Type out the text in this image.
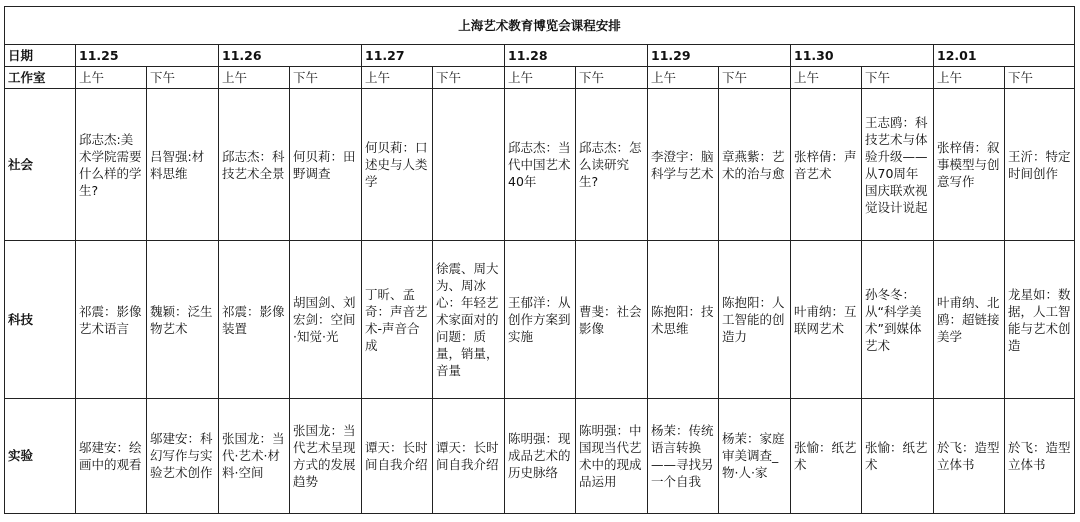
上海艺术教育博览会课程安排														
日期	11.25		11.26		11.27		11.28		11.29		11.30		12.01	
工作室	上午	下午	上午	下午	上午	下午	上午	下午	上午	下午	上午	下午	上午	下午
社会	邱志杰:美术学院需要什么样的学生?	吕智强:材料思维	邱志杰：科技艺术全景	何贝莉：田野调查	何贝莉：口述史与人类学		邱志杰：当代中国艺术40年	邱志杰：怎么读研究生?	李澄宇：脑科学与艺术	章燕紫：艺术的治与愈	张梓倩：声音艺术	王志鸥：科技艺术与体验升级——从70周年国庆联欢视觉设计说起	张梓倩：叙事模型与创意写作	王沂：特定时间创作
科技	祁震：影像艺术语言	魏颖：泛生物艺术	祁震：影像装置	胡国剑、刘宏剑：空间·知觉·光	丁昕、孟奇：声音艺术-声音合成	徐震、周大为、周冰心：年轻艺术家面对的问题：质量，销量，音量	王郁洋：从创作方案到实施	曹斐：社会影像	陈抱阳：技术思维	陈抱阳：人工智能的创造力	叶甫纳：互联网艺术	孙冬冬：从“科学美术”到媒体艺术	叶甫纳、北鸥：超链接美学	龙星如：数据，人工智能与艺术创造
实验	邬建安：绘画中的观看	邬建安：科幻写作与实验艺术创作	张国龙：当代·艺术·材料·空间	张国龙：当代艺术呈现方式的发展趋势	谭天：长时间自我介绍	谭天：长时间自我介绍	陈明强：现成品艺术的历史脉络	陈明强：中国现当代艺术中的现成品运用	杨茉：传统语言转换——寻找另一个自我	杨茉：家庭审美调查_物·人·家	张愉：纸艺术	张愉：纸艺术	於飞：造型立体书	於飞：造型立体书
